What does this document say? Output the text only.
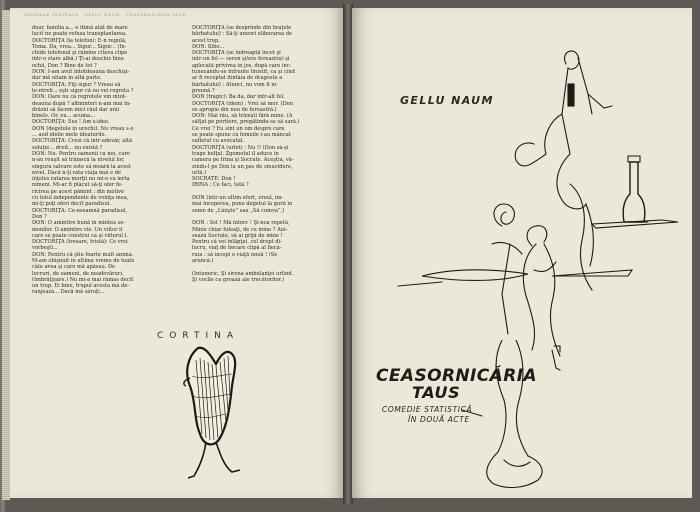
SEMNALE TEATRALE · GELLU NAUM · CEASORNICĂRIA TAUS
doar, familia a... o itimă atât de mare
lucit ne poate refuza transplantarea.
DOCTORIŢA (la telefon): E-n regulă,
Toma. Da, vrea... Sigur... Sigur... (În-
chide telefonul şi rămîne cîteva clipe
într-o stare albă.) Ţi-ai deschis bine
ochii, Don ? Bine de tot ?
DON: I-am avut întotdeauna deschişi-
dar mă uitam în altă parte.
DOCTORIŢA: Fiţi sigur ? Vreau să
te-ntreb... eşti sigur că nu vei regreta ?
DON: Oare nu că regretele vin întot-
deauna după ? altminteri n-am mai în-
drăzni să facem mici răul dar unii
binele. Or, eu... acuma...
DOCTORIŢA: Sus ! Am s-idee.
DON (degetele în urechi): Nu vreau s-o
... aud ideile mele ideaturile.
DOCTORIŢA: Crezi că într-adevăr, altă
soluţie... dreit... nu există ?
DON: Nu. Pentru oamenii ca noi, care
n-au reuşit să trăiască la nivelul lor,
singura salvare este să moară la acest
nivel. Dacă n-ţi rata viaţa mai e de
înţeles ratarea morţii nu mi-o va ierta
nimeni. Mi-ar fi plăcut să-ţi ofer fe-
ricirea pe acest pămînt ; din motive
cu totul independente de voinţa mea,
mi-ţi poţi oferi decît paradisul.
DOCTORIŢA: Ce-nseamnă paradisul,
Don ?
DON: O amintire bună în mintea se-
menilor. O amintire vie. Un viitor li
care se poate construi ca şi viitorul l.
DOCTORIŢA (tresare, tristă): Ce vrei
vorbeşti...
DON: Pentru că ştiu foarte mult anima.
M-am obişnuit în ultima vreme de toate
câte avea şi care mă apăsau. De
lucruri, de oameni, de neadevăruri.
(Îmbrăţişare.) Nu mi-a mai rămas decît
un trup. Ei bine, trupul acesta mă de-
ranjează... Dacă mă săruţi...
DOCTORIŢA (se desprinde din braţele
bărbatului) : Să-ţi uneori eliberarea de
acest trup.
DON: Iliho...
DOCTORIŢA (se îndreaptă încet şi
intr-un fel — seren şi/ere fereastra) şi
aplecată privirea în jos, după care înc-
tunecându-se înfrunte linistit, ca şi cînd
ar fi receptat dintâia de dragoste a
bărbatului) : Atunci, nu vom fi în-
preună ?
DON (tragic): Ba da, dar într-alt fel.
DOCTORIŢA (idem) : Vrei să mor. (Don
se apropie din nou de fereastră.)
DON: Mai rău, să trăieşti fără mine. (Â
sălţat pe portiere, pregătindu-se să sară.)
Ce vrei ? Eu sînt un om despre care
se poate spune că femeile i-au mâncat
sufletul cu avocatul.
DOCTORIŢA (urlet) : Nu !! (Don să-şi
trage bolţul. Zgomotul îl aduce în
camera pe Irina şi Socrate. Aceştia, vă-
zîndu-l pe Don la un pas de sinucidere,
urlă.)
SOCRATE: Don !
IRINA : Ce faci, tată ?

DON (într-un ultim efort, eroul, im-
mai începerea, pune degetul la gură în
semn de „Linişte” sau „Să cumva”,)

DON : Sst ! Mă întorc ! Şi-nca repetă,
Mînie chiar fuleaţi, de ce mîne ? Ani-
sează Socrate, să ai grijă de mine !
Pentru că vei înlăpţui, cel drept dî-
lucru, viaţ de fiecare clipă al fiecă-
ruia : să începi o viaţă nouă ! (Se
aruncă.)

(Întuneric. Şi sirena ambulanţei urlînd.
Şi vocile ca groază ale trecătorilor.)
CORTINA
GELLU NAUM
CEASORNICĂRIA
TAUS
COMEDIE STATISTICĂ
ÎN DOUĂ ACTE
